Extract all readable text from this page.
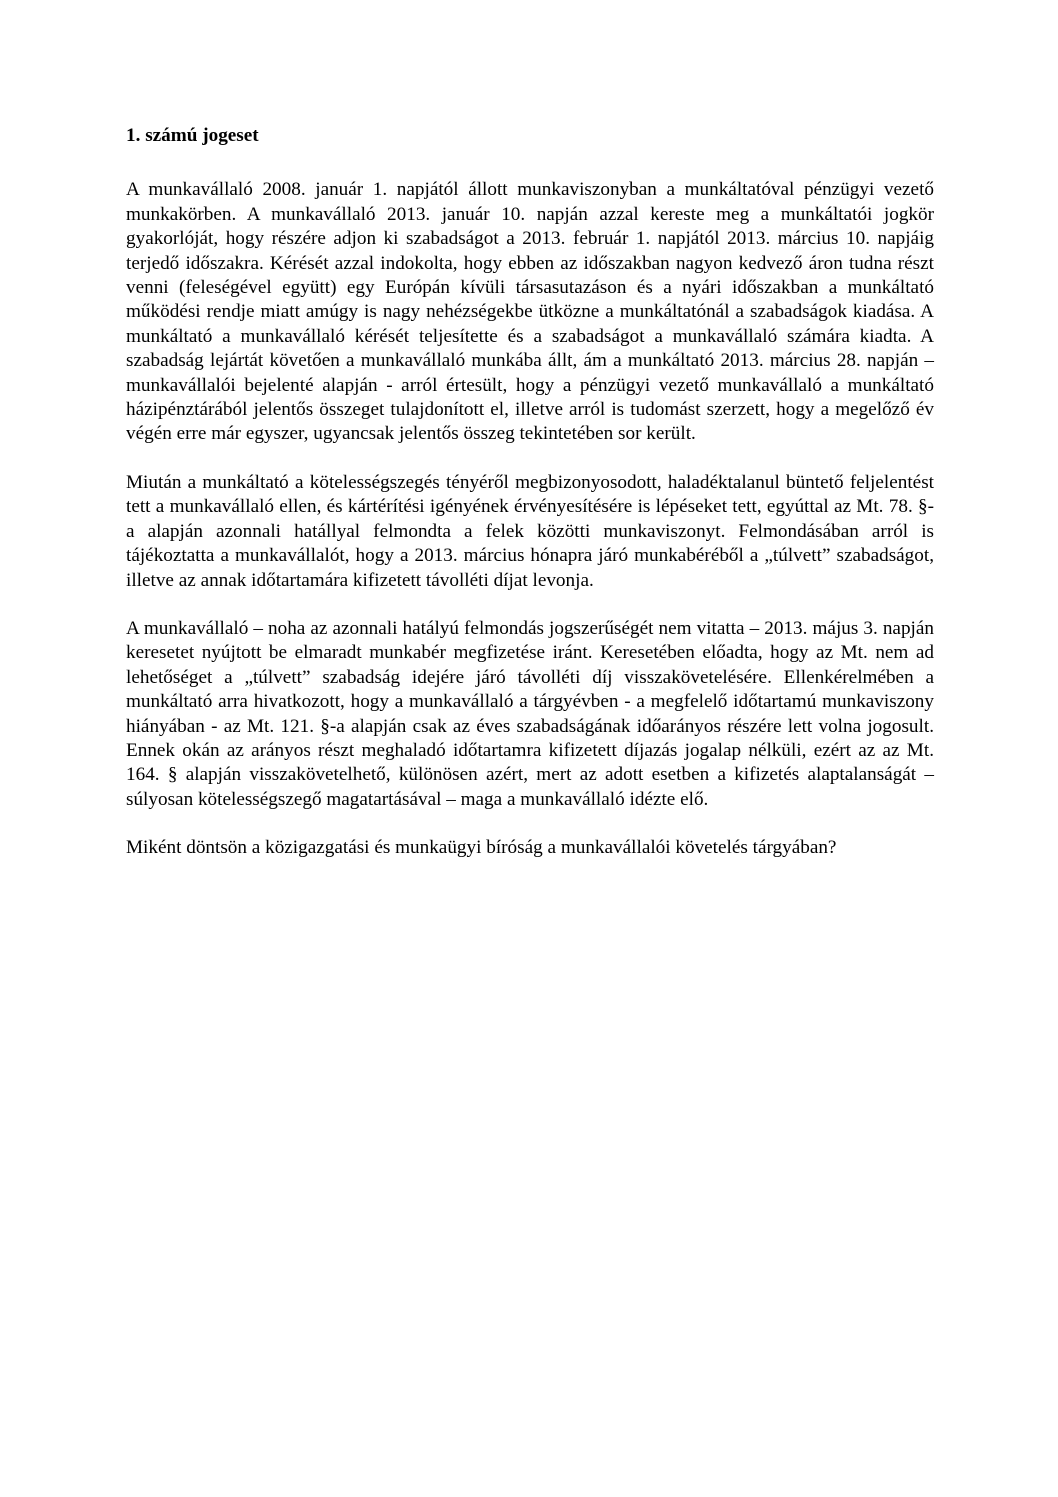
1. számú jogeset

A munkavállaló 2008. január 1. napjától állott munkaviszonyban a munkáltatóval pénzügyi vezető munkakörben. A munkavállaló 2013. január 10. napján azzal kereste meg a munkáltatói jogkör gyakorlóját, hogy részére adjon ki szabadságot a 2013. február 1. napjától 2013. március 10. napjáig terjedő időszakra. Kérését azzal indokolta, hogy ebben az időszakban nagyon kedvező áron tudna részt venni (feleségével együtt) egy Európán kívüli társasutazáson és a nyári időszakban a munkáltató működési rendje miatt amúgy is nagy nehézségekbe ütközne a munkáltatónál a szabadságok kiadása. A munkáltató a munkavállaló kérését teljesítette és a szabadságot a munkavállaló számára kiadta. A szabadság lejártát követően a munkavállaló munkába állt, ám a munkáltató 2013. március 28. napján – munkavállalói bejelenté alapján - arról értesült, hogy a pénzügyi vezető munkavállaló a munkáltató házipénztárából jelentős összeget tulajdonított el, illetve arról is tudomást szerzett, hogy a megelőző év végén erre már egyszer, ugyancsak jelentős összeg tekintetében sor került.

Miután a munkáltató a kötelességszegés tényéről megbizonyosodott, haladéktalanul büntető feljelentést tett a munkavállaló ellen, és kártérítési igényének érvényesítésére is lépéseket tett, egyúttal az Mt. 78. §-a alapján azonnali hatállyal felmondta a felek közötti munkaviszonyt. Felmondásában arról is tájékoztatta a munkavállalót, hogy a 2013. március hónapra járó munkabéréből a „túlvett” szabadságot, illetve az annak időtartamára kifizetett távolléti díjat levonja.

A munkavállaló – noha az azonnali hatályú felmondás jogszerűségét nem vitatta – 2013. május 3. napján keresetet nyújtott be elmaradt munkabér megfizetése iránt. Keresetében előadta, hogy az Mt. nem ad lehetőséget a „túlvett” szabadság idejére járó távolléti díj visszakövetelésére. Ellenkérelmében a munkáltató arra hivatkozott, hogy a munkavállaló a tárgyévben - a megfelelő időtartamú munkaviszony hiányában - az Mt. 121. §-a alapján csak az éves szabadságának időarányos részére lett volna jogosult. Ennek okán az arányos részt meghaladó időtartamra kifizetett díjazás jogalap nélküli, ezért az az Mt. 164. § alapján visszakövetelhető, különösen azért, mert az adott esetben a kifizetés alaptalanságát – súlyosan kötelességszegő magatartásával – maga a munkavállaló idézte elő.

Miként döntsön a közigazgatási és munkaügyi bíróság a munkavállalói követelés tárgyában?
